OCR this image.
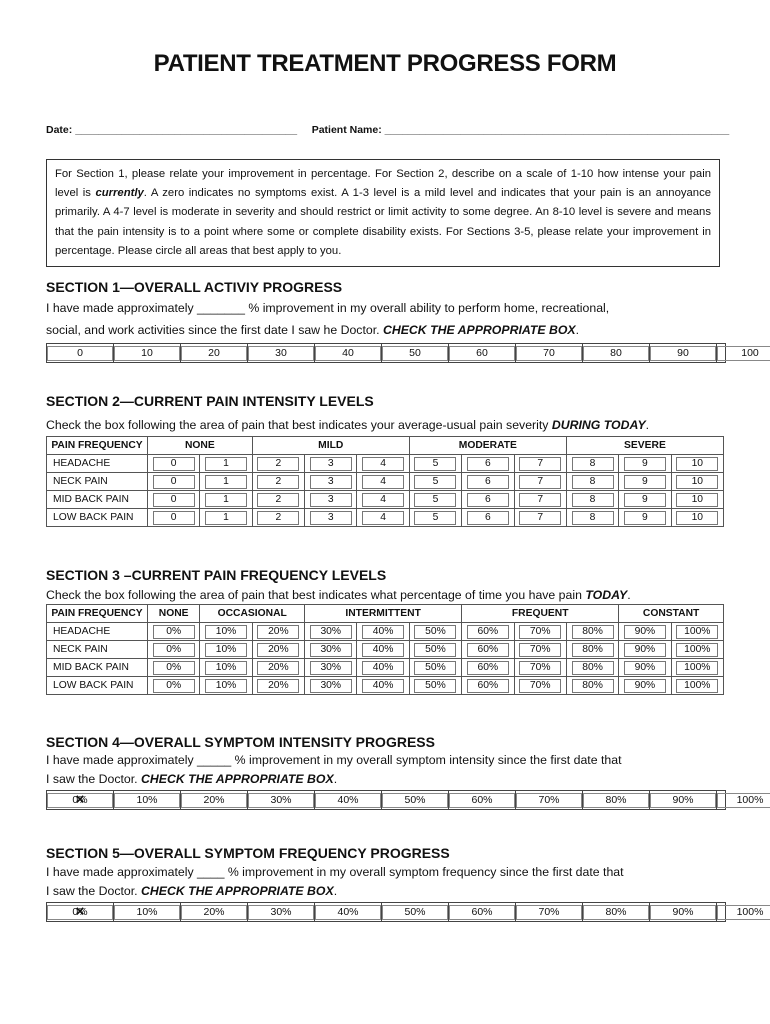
PATIENT TREATMENT PROGRESS FORM
Date: ______________________________________ Patient Name: ___________________________________________________________
For Section 1, please relate your improvement in percentage. For Section 2, describe on a scale of 1-10 how intense your pain level is currently. A zero indicates no symptoms exist. A 1-3 level is a mild level and indicates that your pain is an annoyance primarily. A 4-7 level is moderate in severity and should restrict or limit activity to some degree. An 8-10 level is severe and means that the pain intensity is to a point where some or complete disability exists. For Sections 3-5, please relate your improvement in percentage. Please circle all areas that best apply to you.
SECTION 1—OVERALL ACTIVIY PROGRESS
I have made approximately _______ % improvement in my overall ability to perform home, recreational,
social, and work activities since the first date I saw he Doctor. CHECK THE APPROPRIATE BOX.
0	10	20	30	40	50	60	70	80	90	100
SECTION 2—CURRENT PAIN INTENSITY LEVELS
Check the box following the area of pain that best indicates your average-usual pain severity DURING TODAY.
PAIN FREQUENCY	NONE		MILD			MODERATE			SEVERE		
HEADACHE	0	1	2	3	4	5	6	7	8	9	10
NECK PAIN	0	1	2	3	4	5	6	7	8	9	10
MID BACK PAIN	0	1	2	3	4	5	6	7	8	9	10
LOW BACK PAIN	0	1	2	3	4	5	6	7	8	9	10
SECTION 3 –CURRENT PAIN FREQUENCY LEVELS
Check the box following the area of pain that best indicates what percentage of time you have pain TODAY.
PAIN FREQUENCY	NONE	OCCASIONAL		INTERMITTENT			FREQUENT			CONSTANT	
HEADACHE	0%	10%	20%	30%	40%	50%	60%	70%	80%	90%	100%
NECK PAIN	0%	10%	20%	30%	40%	50%	60%	70%	80%	90%	100%
MID BACK PAIN	0%	10%	20%	30%	40%	50%	60%	70%	80%	90%	100%
LOW BACK PAIN	0%	10%	20%	30%	40%	50%	60%	70%	80%	90%	100%
SECTION 4—OVERALL SYMPTOM INTENSITY PROGRESS
I have made approximately _____ % improvement in my overall symptom intensity since the first date that
I saw the Doctor. CHECK THE APPROPRIATE BOX.
0% ✕	10%	20%	30%	40%	50%	60%	70%	80%	90%	100%
SECTION 5—OVERALL SYMPTOM FREQUENCY PROGRESS
I have made approximately ____ % improvement in my overall symptom frequency since the first date that
I saw the Doctor. CHECK THE APPROPRIATE BOX.
0% ✕	10%	20%	30%	40%	50%	60%	70%	80%	90%	100%
